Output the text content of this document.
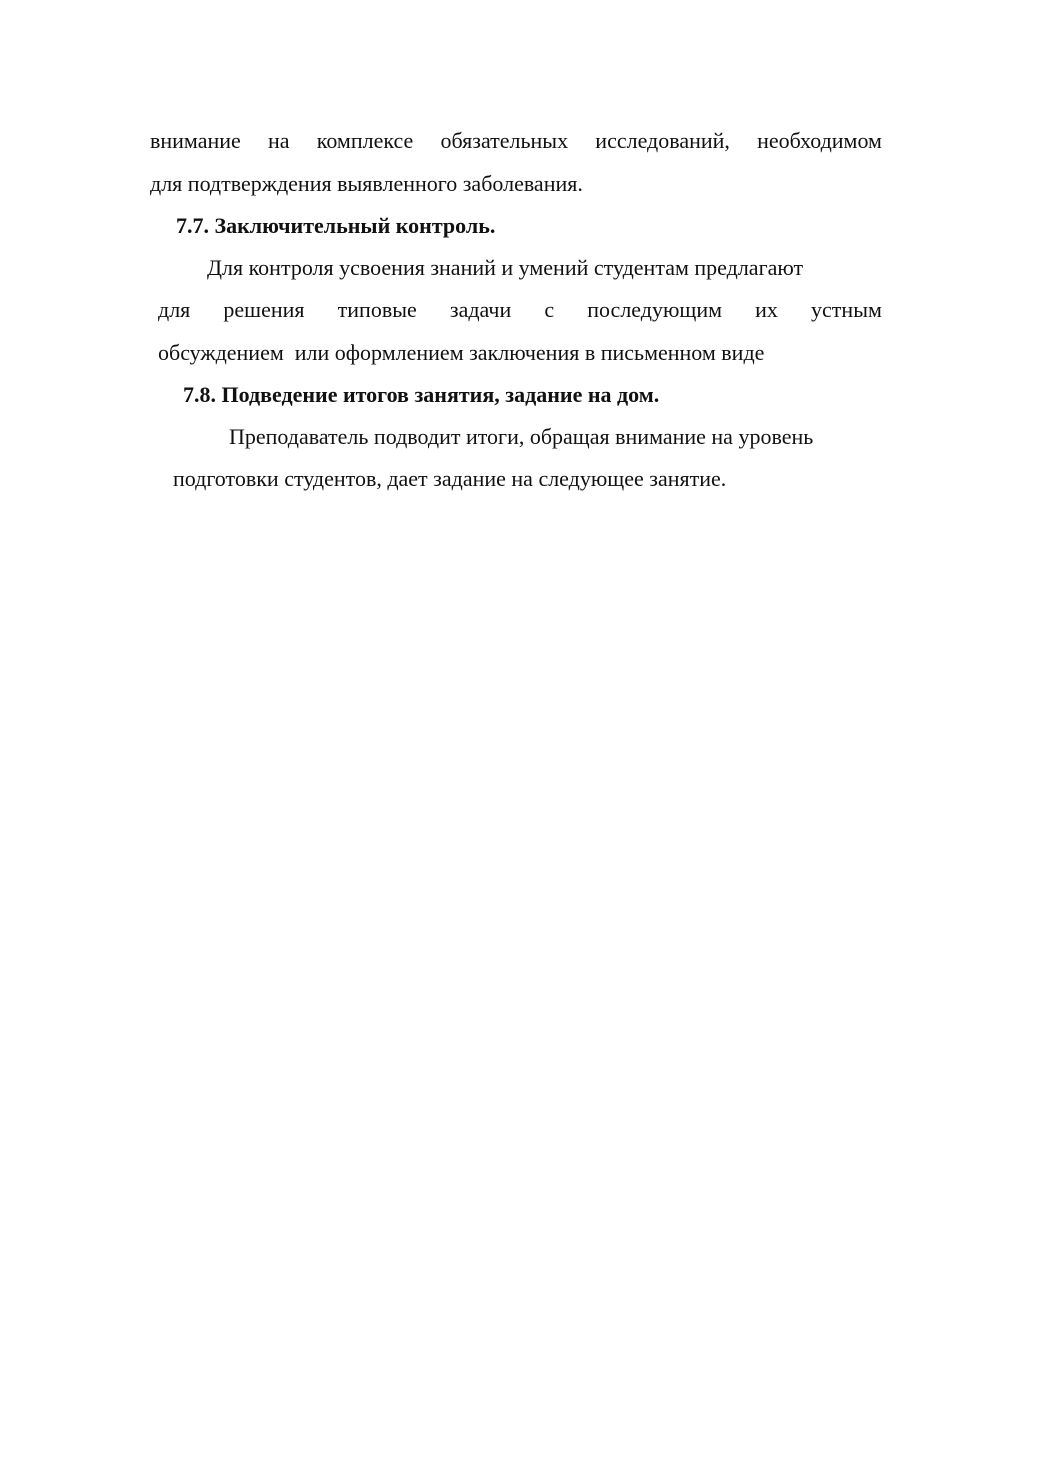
внимание на комплексе обязательных исследований, необходимом

для подтверждения выявленного заболевания.

7.7. Заключительный контроль.

Для контроля усвоения знаний и умений студентам предлагают

для решения типовые задачи с последующим их устным

обсуждением  или оформлением заключения в письменном виде

7.8. Подведение итогов занятия, задание на дом.

Преподаватель подводит итоги, обращая внимание на уровень

подготовки студентов, дает задание на следующее занятие.
